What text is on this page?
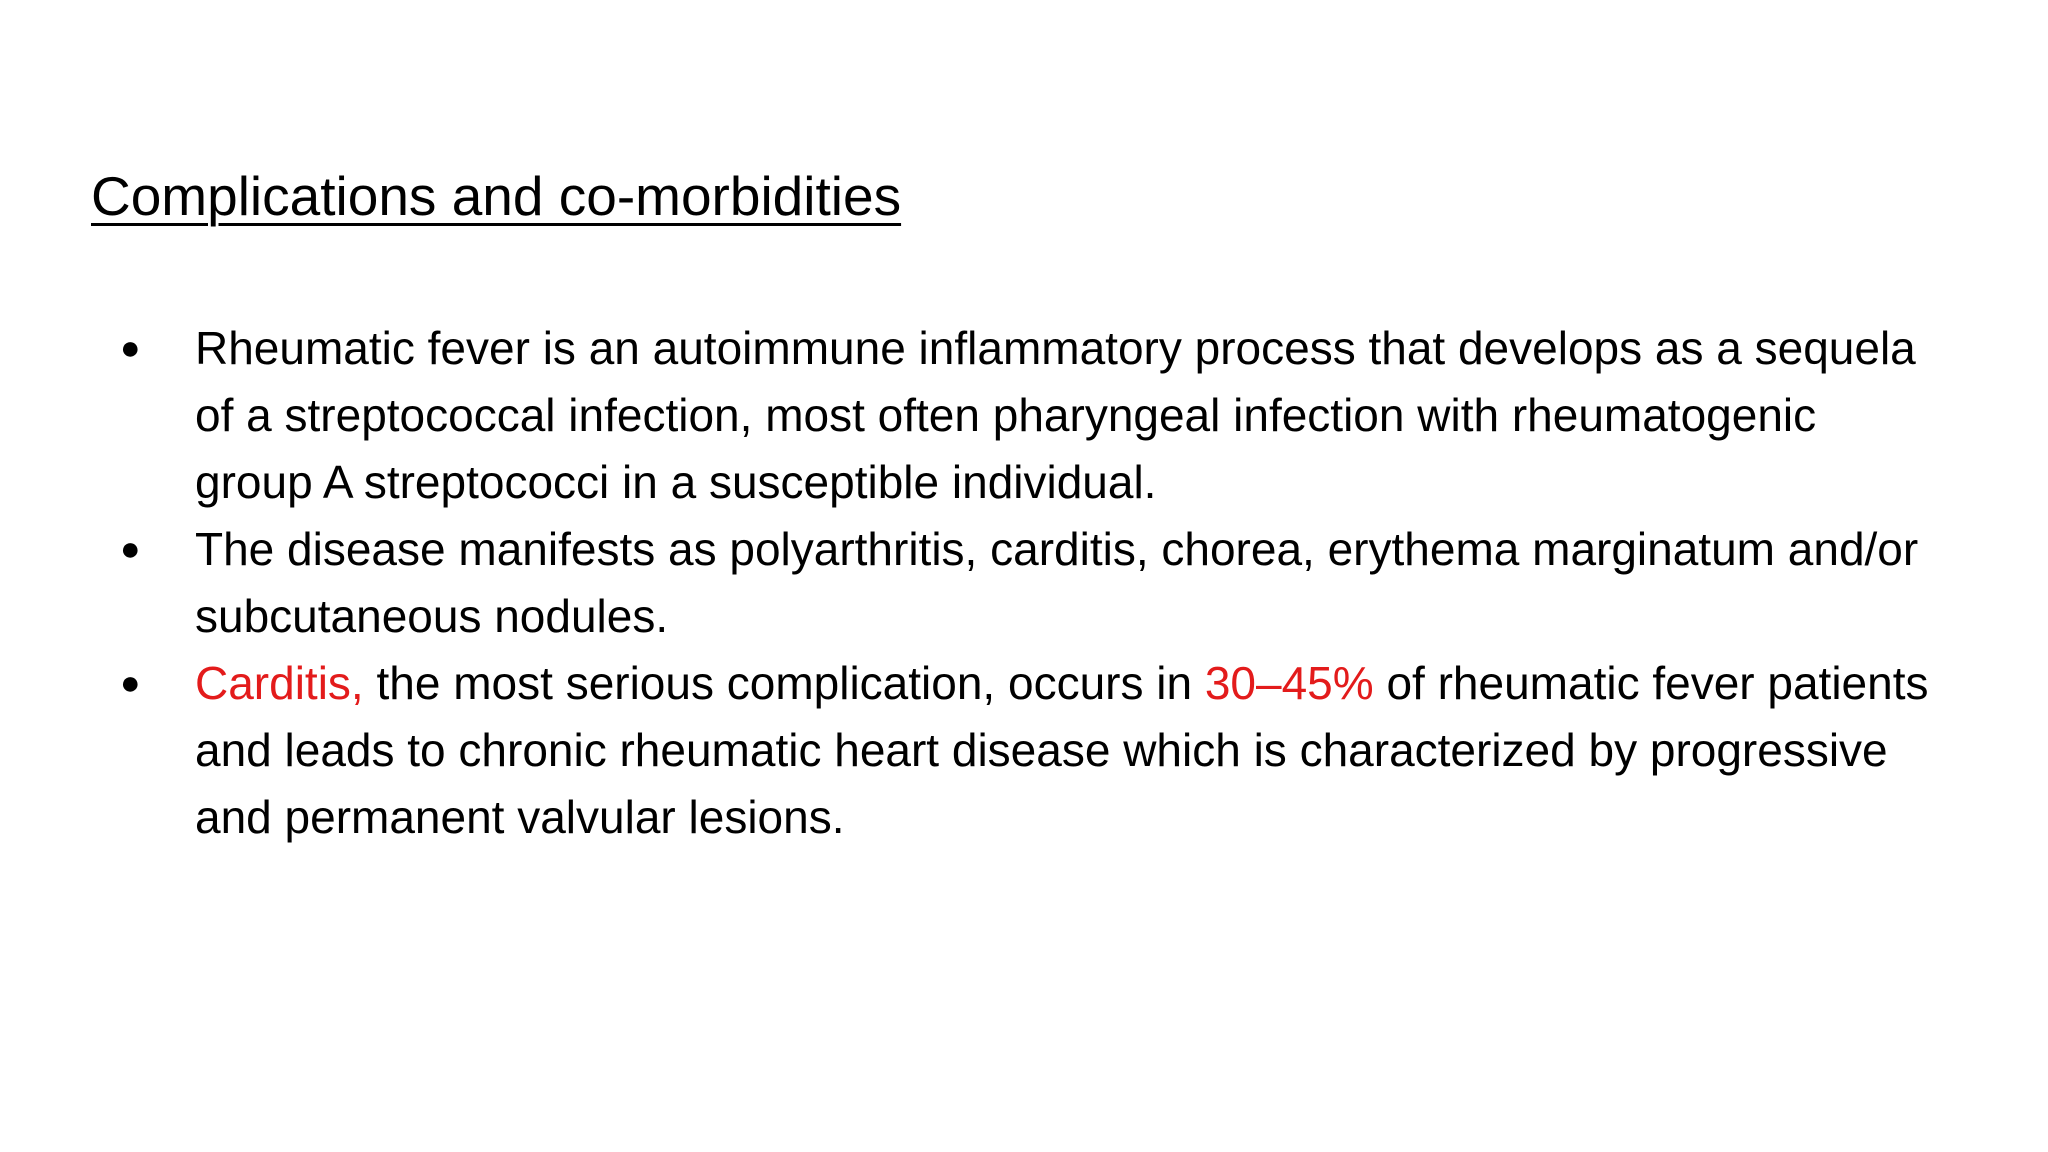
Complications and co-morbidities
● Rheumatic fever is an autoimmune inflammatory process that develops as a sequela of a streptococcal infection, most often pharyngeal infection with rheumatogenic group A streptococci in a susceptible individual.
● The disease manifests as polyarthritis, carditis, chorea, erythema marginatum and/or subcutaneous nodules.
● Carditis, the most serious complication, occurs in 30–45% of rheumatic fever patients and leads to chronic rheumatic heart disease which is characterized by progressive and permanent valvular lesions.
